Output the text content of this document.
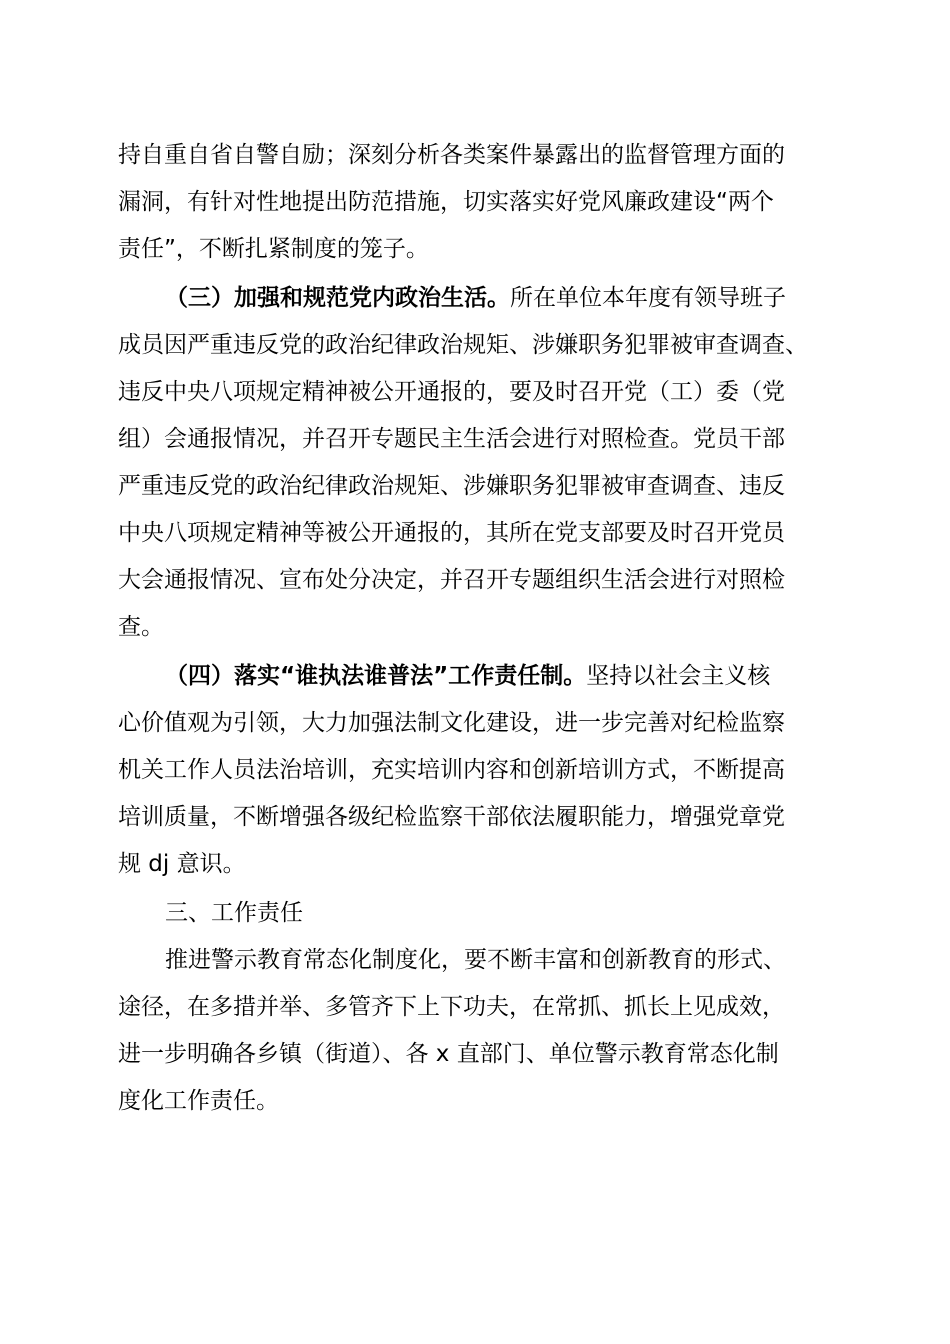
持自重自省自警自励；深刻分析各类案件暴露出的监督管理方面的
漏洞，有针对性地提出防范措施，切实落实好党风廉政建设“两个
责任”，不断扎紧制度的笼子。
（三）加强和规范党内政治生活。所在单位本年度有领导班子
成员因严重违反党的政治纪律政治规矩、涉嫌职务犯罪被审查调查、
违反中央八项规定精神被公开通报的，要及时召开党（工）委（党
组）会通报情况，并召开专题民主生活会进行对照检查。党员干部
严重违反党的政治纪律政治规矩、涉嫌职务犯罪被审查调查、违反
中央八项规定精神等被公开通报的，其所在党支部要及时召开党员
大会通报情况、宣布处分决定，并召开专题组织生活会进行对照检
查。
（四）落实“谁执法谁普法”工作责任制。坚持以社会主义核
心价值观为引领，大力加强法制文化建设，进一步完善对纪检监察
机关工作人员法治培训，充实培训内容和创新培训方式，不断提高
培训质量，不断增强各级纪检监察干部依法履职能力，增强党章党
规 dj 意识。
三、工作责任
推进警示教育常态化制度化，要不断丰富和创新教育的形式、
途径，在多措并举、多管齐下上下功夫，在常抓、抓长上见成效，
进一步明确各乡镇（街道）、各 x 直部门、单位警示教育常态化制
度化工作责任。
